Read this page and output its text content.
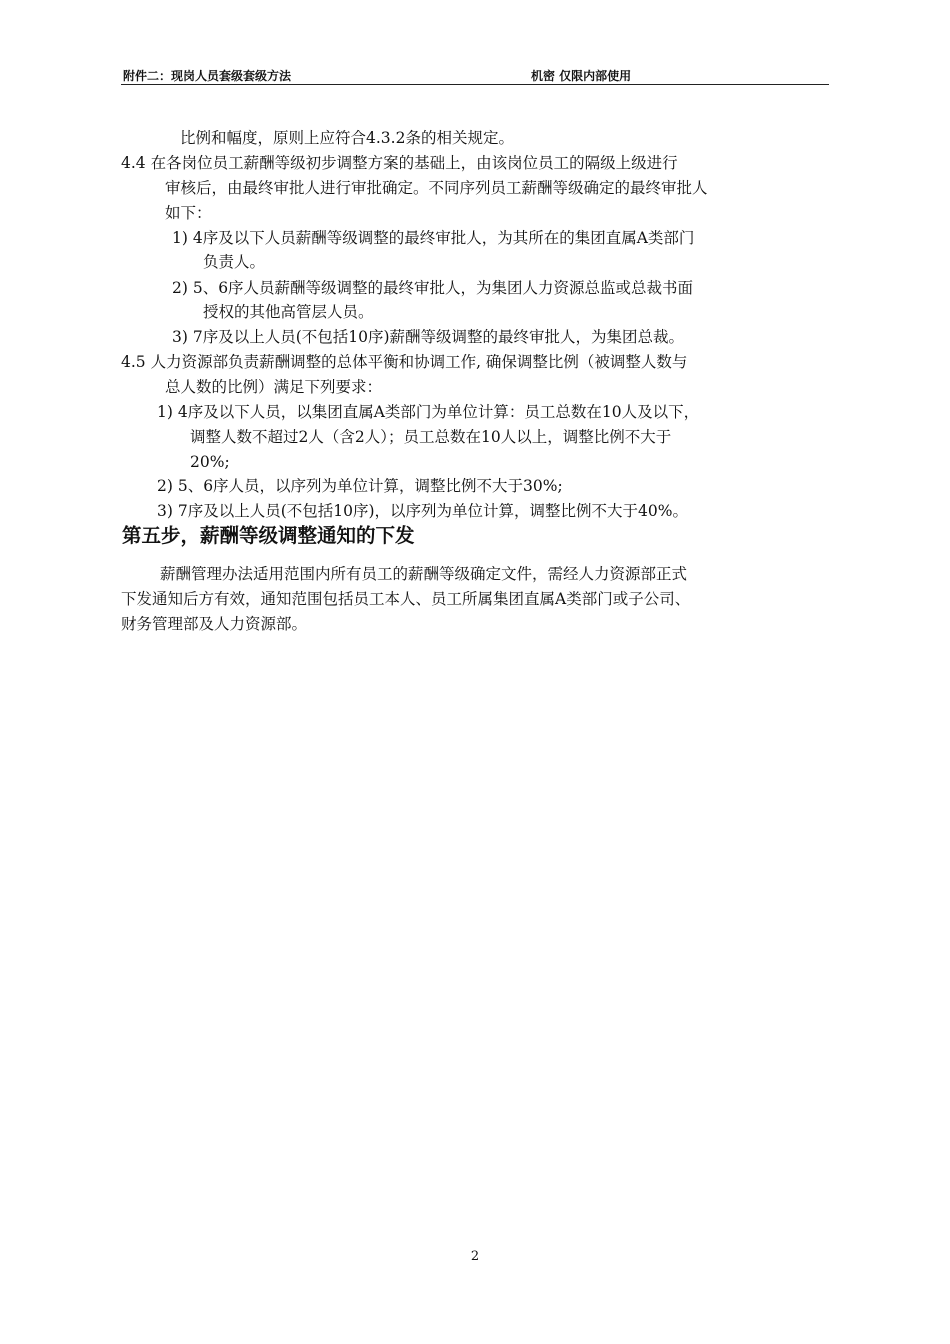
附件二：现岗人员套级套级方法	机密 仅限内部使用
比例和幅度，原则上应符合4.3.2条的相关规定。
4.4 在各岗位员工薪酬等级初步调整方案的基础上，由该岗位员工的隔级上级进行
审核后，由最终审批人进行审批确定。不同序列员工薪酬等级确定的最终审批人
如下：
1) 4序及以下人员薪酬等级调整的最终审批人，为其所在的集团直属A类部门
负责人。
2) 5、6序人员薪酬等级调整的最终审批人，为集团人力资源总监或总裁书面
授权的其他高管层人员。
3) 7序及以上人员(不包括10序)薪酬等级调整的最终审批人，为集团总裁。
4.5 人力资源部负责薪酬调整的总体平衡和协调工作, 确保调整比例（被调整人数与
总人数的比例）满足下列要求：
1) 4序及以下人员，以集团直属A类部门为单位计算：员工总数在10人及以下，
调整人数不超过2人（含2人）；员工总数在10人以上，调整比例不大于
20%;
2) 5、6序人员，以序列为单位计算，调整比例不大于30%;
3) 7序及以上人员(不包括10序)，以序列为单位计算，调整比例不大于40%。
第五步，薪酬等级调整通知的下发
薪酬管理办法适用范围内所有员工的薪酬等级确定文件，需经人力资源部正式
下发通知后方有效，通知范围包括员工本人、员工所属集团直属A类部门或子公司、
财务管理部及人力资源部。
2
